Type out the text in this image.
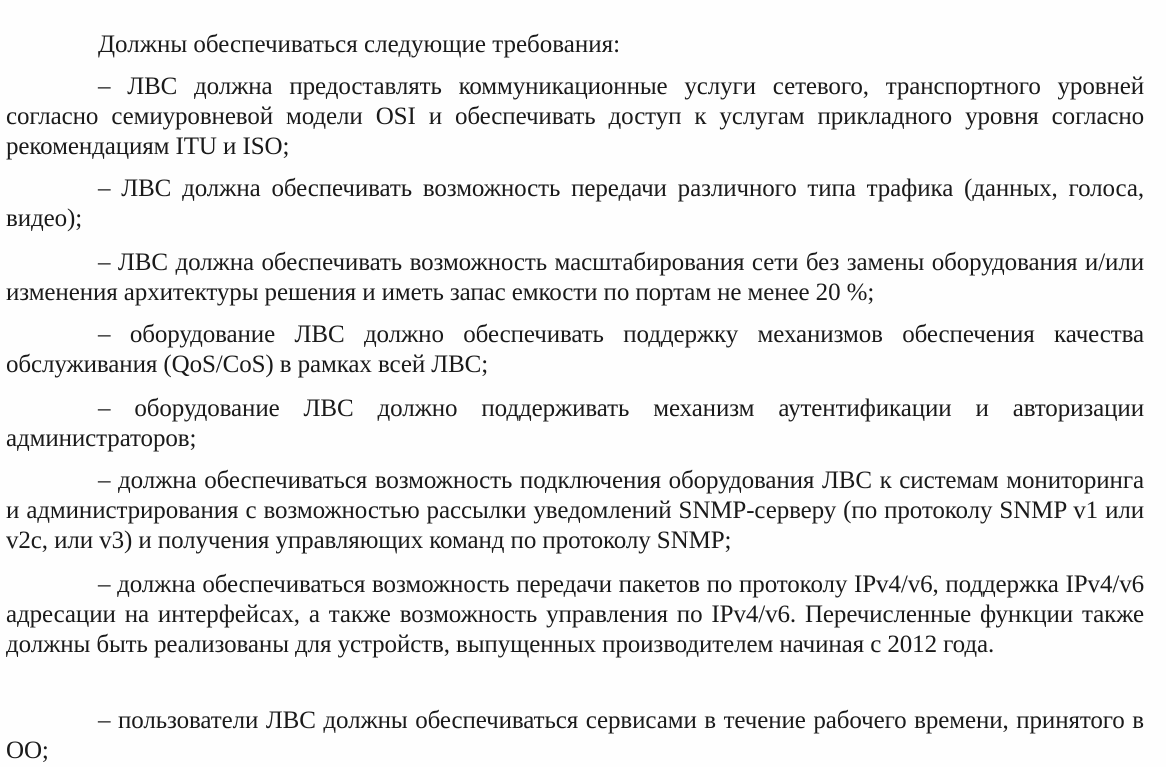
Должны обеспечиваться следующие требования:
– ЛВС должна предоставлять коммуникационные услуги сетевого, транспортного уровней согласно семиуровневой модели OSI и обеспечивать доступ к услугам прикладного уровня согласно рекомендациям ITU и ISO;
– ЛВС должна обеспечивать возможность передачи различного типа трафика (данных, голоса, видео);
– ЛВС должна обеспечивать возможность масштабирования сети без замены оборудования и/или изменения архитектуры решения и иметь запас емкости по портам не менее 20 %;
– оборудование ЛВС должно обеспечивать поддержку механизмов обеспечения качества обслуживания (QoS/CoS) в рамках всей ЛВС;
– оборудование ЛВС должно поддерживать механизм аутентификации и авторизации администраторов;
– должна обеспечиваться возможность подключения оборудования ЛВС к системам мониторинга и администрирования с возможностью рассылки уведомлений SNMP-серверу (по протоколу SNMP v1 или v2c, или v3) и получения управляющих команд по протоколу SNMP;
– должна обеспечиваться возможность передачи пакетов по протоколу IPv4/v6, поддержка IPv4/v6 адресации на интерфейсах, а также возможность управления по IPv4/v6. Перечисленные функции также должны быть реализованы для устройств, выпущенных производителем начиная с 2012 года.
– пользователи ЛВС должны обеспечиваться сервисами в течение рабочего времени, принятого в ОО;
